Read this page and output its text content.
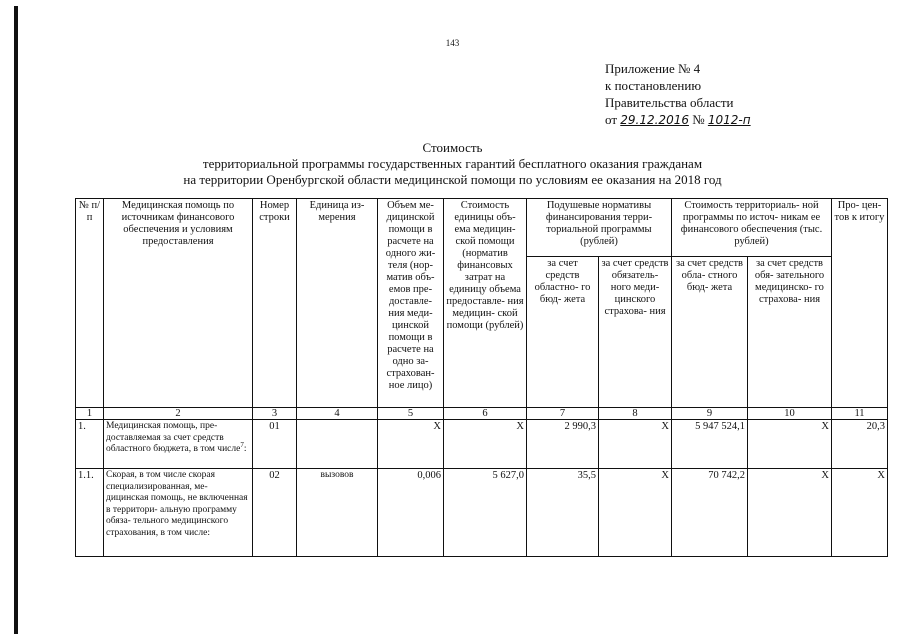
143
Приложение № 4
к постановлению
Правительства области
от 29.12.2016 № 1012-п
Стоимость
территориальной программы государственных гарантий бесплатного оказания гражданам
на территории Оренбургской области медицинской помощи по условиям ее оказания на 2018 год
№ п/п	Медицинская помощь по источникам финансового обеспечения и условиям предоставления	Номер строки	Единица из- мерения	Объем ме- дицинской помощи в расчете на одного жи- теля (нор- матив объ- емов пре- доставле- ния меди- цинской помощи в расчете на одно за- страхован- ное лицо)	Стоимость единицы объ- ема медицин- ской помощи (норматив финансовых затрат на единицу объема предоставле- ния медицин- ской помощи (рублей)	Подушевые нормативы финансирования терри- ториальной программы (рублей)		Стоимость территориаль- ной программы по источ- никам ее финансового обеспечения (тыс. рублей)		Про- цен- тов к итогу
						за счет средств областно- го бюд- жета	за счет средств обязатель- ного меди- цинского страхова- ния	за счет средств обла- стного бюд- жета	за счет средств обя- зательного медицинско- го страхова- ния	
1	2	3	4	5	6	7	8	9	10	11
1.	Медицинская помощь, пре- доставляемая за счет средств областного бюджета, в том числе$^7$:	01		X	X	2 990,3	X	5 947 524,1	X	20,3
1.1.	Скорая, в том числе скорая специализированная, ме- дицинская помощь, не включенная в территори- альную программу обяза- тельного медицинского страхования, в том числе:	02	вызовов	0,006	5 627,0	35,5	X	70 742,2	X	X
